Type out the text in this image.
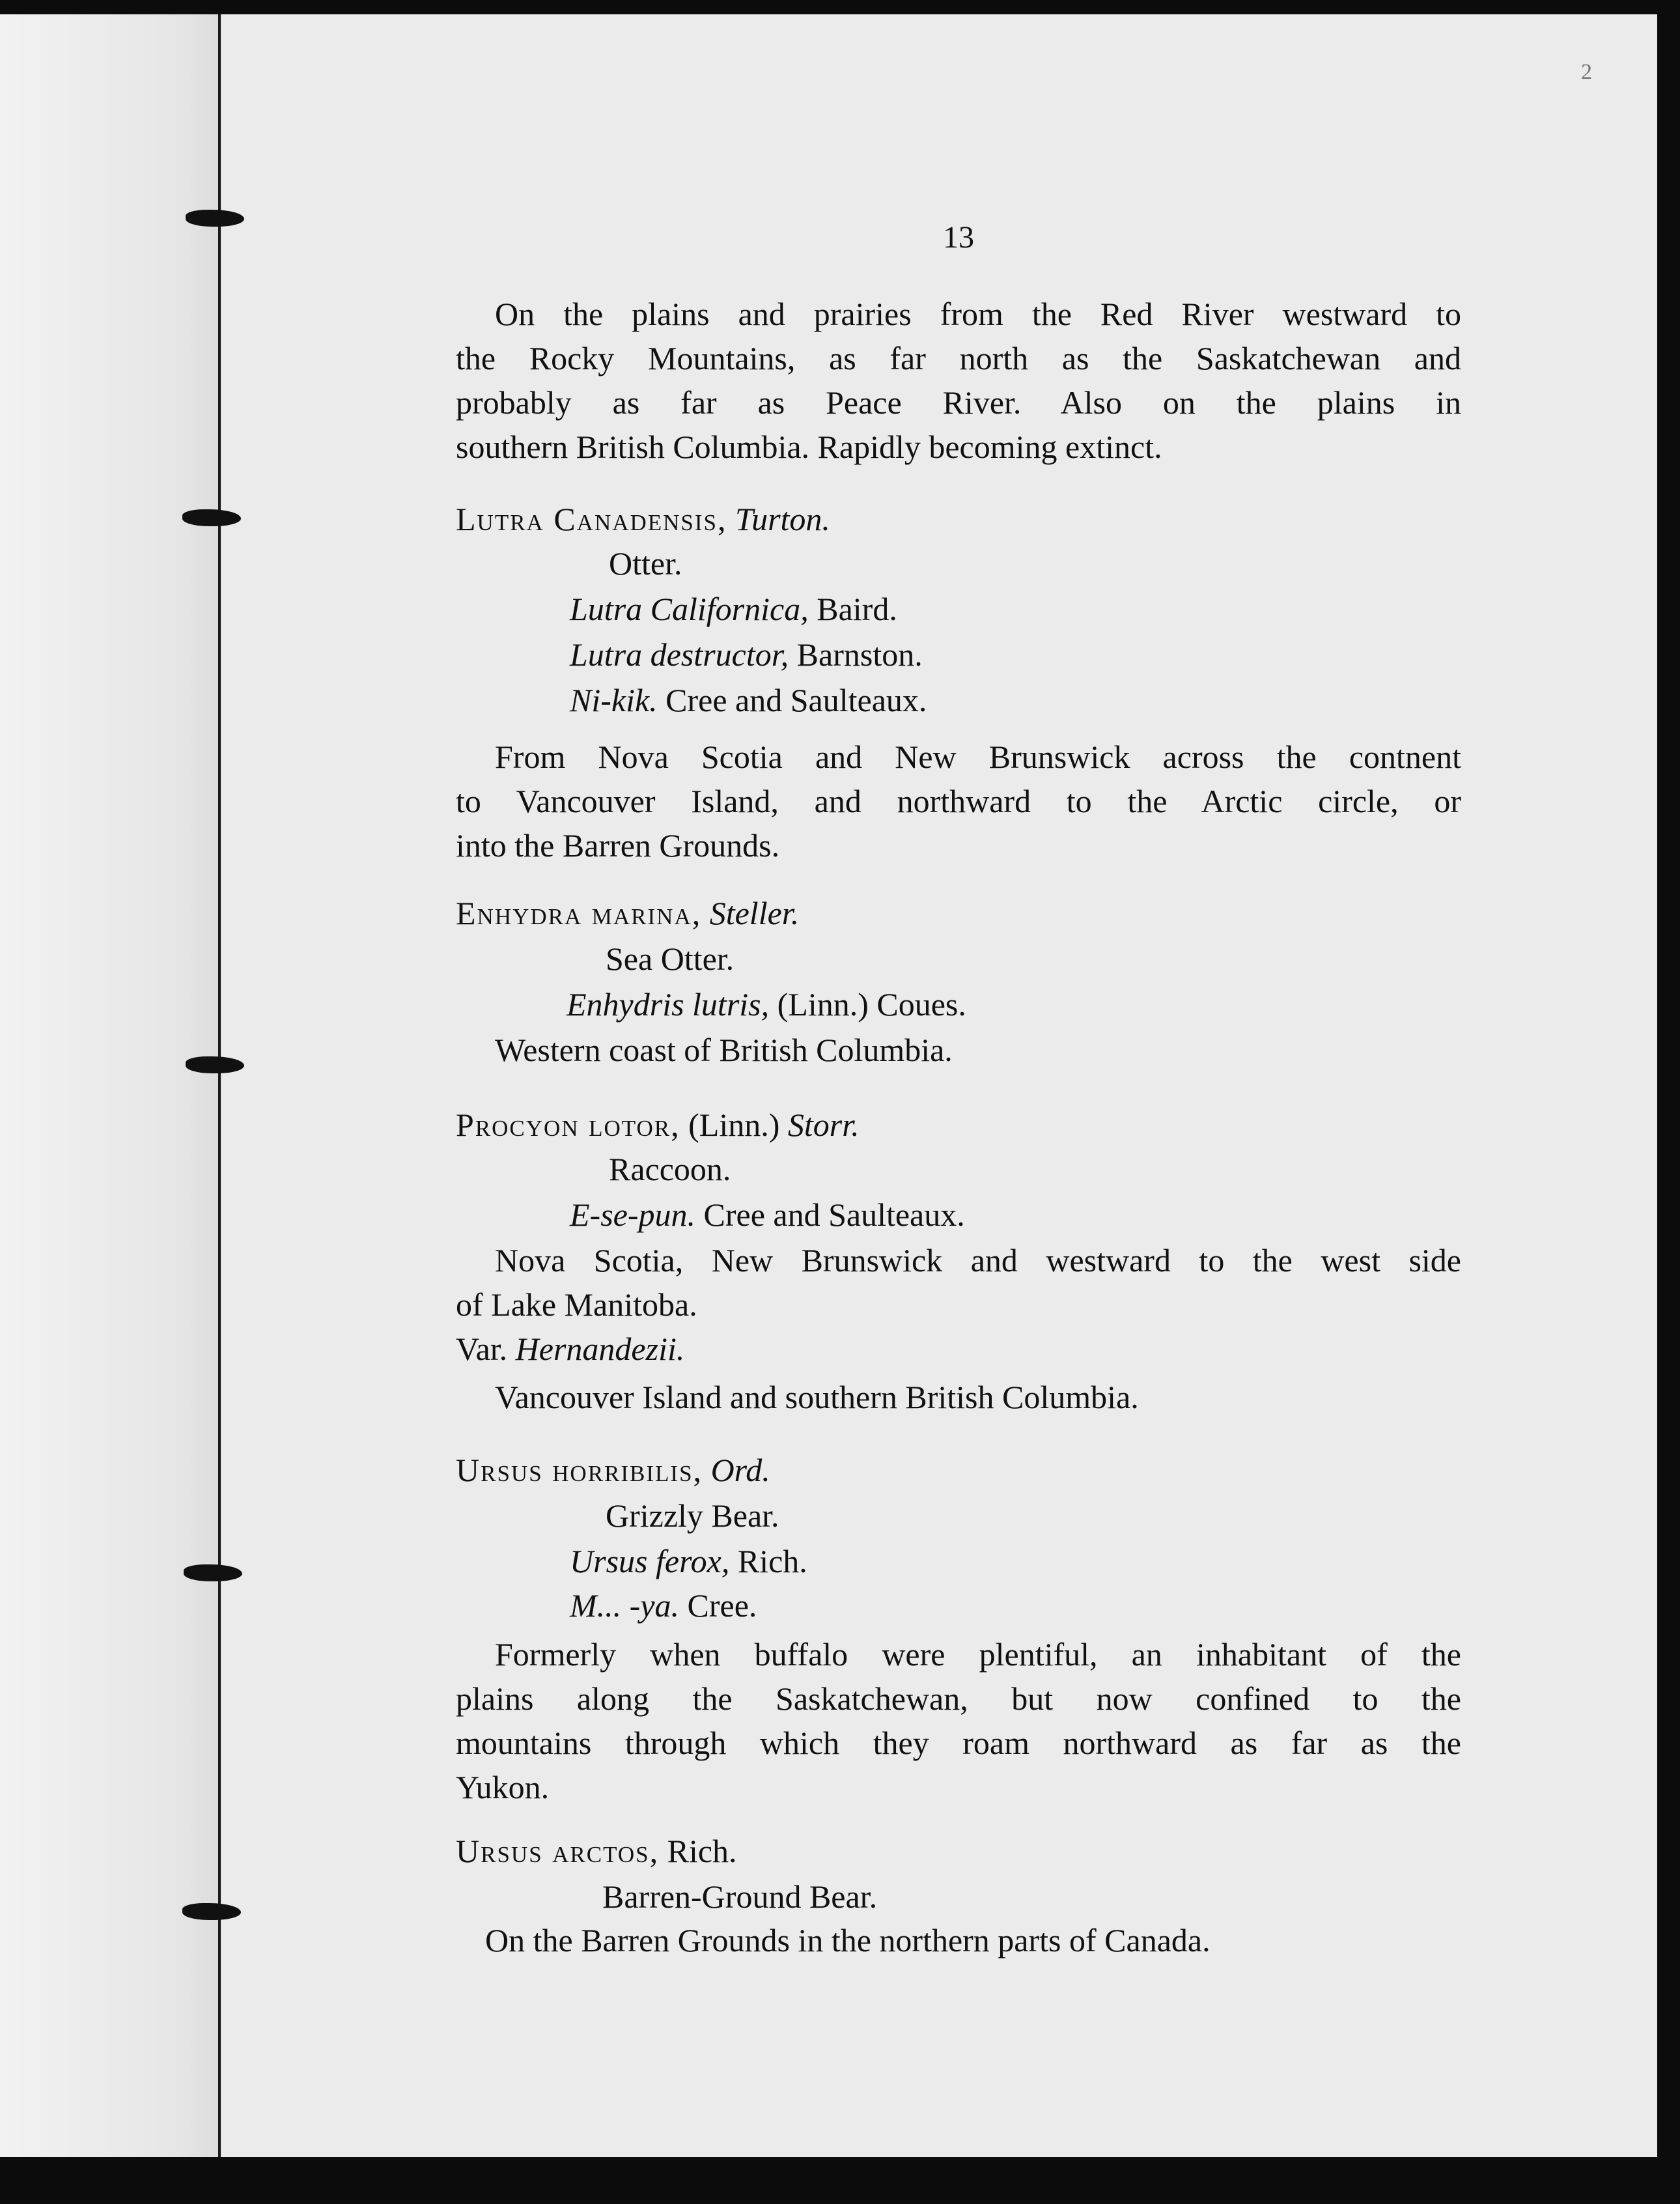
2
13
On the plains and prairies from the Red River westward to
the Rocky Mountains, as far north as the Saskatchewan and
probably as far as Peace River. Also on the plains in
southern British Columbia. Rapidly becoming extinct.
Lutra Canadensis, Turton.
Otter.
Lutra Californica, Baird.
Lutra destructor, Barnston.
Ni-kik. Cree and Saulteaux.
From Nova Scotia and New Brunswick across the contnent
to Vancouver Island, and northward to the Arctic circle, or
into the Barren Grounds.
Enhydra marina, Steller.
Sea Otter.
Enhydris lutris, (Linn.) Coues.
Western coast of British Columbia.
Procyon lotor, (Linn.) Storr.
Raccoon.
E-se-pun. Cree and Saulteaux.
Nova Scotia, New Brunswick and westward to the west side
of Lake Manitoba.
Var. Hernandezii.
Vancouver Island and southern British Columbia.
Ursus horribilis, Ord.
Grizzly Bear.
Ursus ferox, Rich.
M... -ya. Cree.
Formerly when buffalo were plentiful, an inhabitant of the
plains along the Saskatchewan, but now confined to the
mountains through which they roam northward as far as the
Yukon.
Ursus arctos, Rich.
Barren-Ground Bear.
On the Barren Grounds in the northern parts of Canada.
